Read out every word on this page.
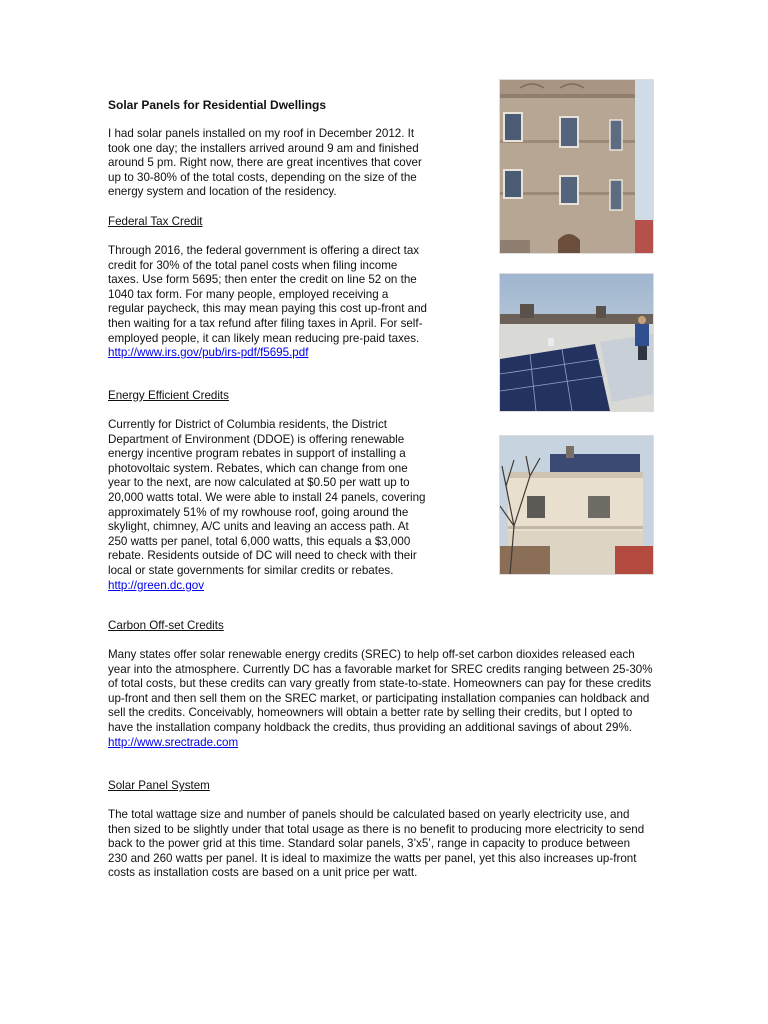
Solar Panels for Residential Dwellings

I had solar panels installed on my roof in December 2012. It
took one day; the installers arrived around 9 am and finished
around 5 pm. Right now, there are great incentives that cover
up to 30-80% of the total costs, depending on the size of the
energy system and location of the residency.

Federal Tax Credit

Through 2016, the federal government is offering a direct tax
credit for 30% of the total panel costs when filing income
taxes. Use form 5695; then enter the credit on line 52 on the
1040 tax form. For many people, employed receiving a
regular paycheck, this may mean paying this cost up-front and
then waiting for a tax refund after filing taxes in April. For self-
employed people, it can likely mean reducing pre-paid taxes.
http://www.irs.gov/pub/irs-pdf/f5695.pdf

Energy Efficient Credits

Currently for District of Columbia residents, the District
Department of Environment (DDOE) is offering renewable
energy incentive program rebates in support of installing a
photovoltaic system. Rebates, which can change from one
year to the next, are now calculated at $0.50 per watt up to
20,000 watts total. We were able to install 24 panels, covering
approximately 51% of my rowhouse roof, going around the
skylight, chimney, A/C units and leaving an access path. At
250 watts per panel, total 6,000 watts, this equals a $3,000
rebate. Residents outside of DC will need to check with their
local or state governments for similar credits or rebates.
http://green.dc.gov

Carbon Off-set Credits

Many states offer solar renewable energy credits (SREC) to help off-set carbon dioxides released each
year into the atmosphere. Currently DC has a favorable market for SREC credits ranging between 25-30%
of total costs, but these credits can vary greatly from state-to-state. Homeowners can pay for these credits
up-front and then sell them on the SREC market, or participating installation companies can holdback and
sell the credits. Conceivably, homeowners will obtain a better rate by selling their credits, but I opted to
have the installation company holdback the credits, thus providing an additional savings of about 29%.
http://www.srectrade.com

Solar Panel System

The total wattage size and number of panels should be calculated based on yearly electricity use, and
then sized to be slightly under that total usage as there is no benefit to producing more electricity to send
back to the power grid at this time. Standard solar panels, 3’x5’, range in capacity to produce between
230 and 260 watts per panel. It is ideal to maximize the watts per panel, yet this also increases up-front
costs as installation costs are based on a unit price per watt.
